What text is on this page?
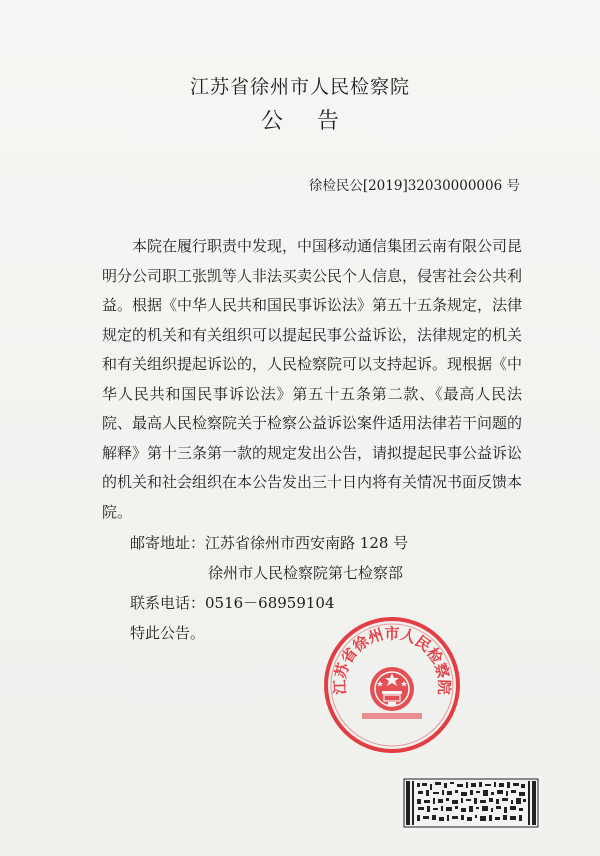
江苏省徐州市人民检察院
公告
徐检民公[2019]32030000006 号

本院在履行职责中发现，中国移动通信集团云南有限公司昆明分公司职工张凯等人非法买卖公民个人信息，侵害社会公共利益。根据《中华人民共和国民事诉讼法》第五十五条规定，法律规定的机关和有关组织可以提起民事公益诉讼，法律规定的机关和有关组织提起诉讼的，人民检察院可以支持起诉。现根据《中华人民共和国民事诉讼法》第五十五条第二款、《最高人民法院、最高人民检察院关于检察公益诉讼案件适用法律若干问题的解释》第十三条第一款的规定发出公告，请拟提起民事公益诉讼的机关和社会组织在本公告发出三十日内将有关情况书面反馈本院。

邮寄地址：江苏省徐州市西安南路 128 号
徐州市人民检察院第七检察部
联系电话：0516－68959104
特此公告。
江苏省徐州市人民检察院
